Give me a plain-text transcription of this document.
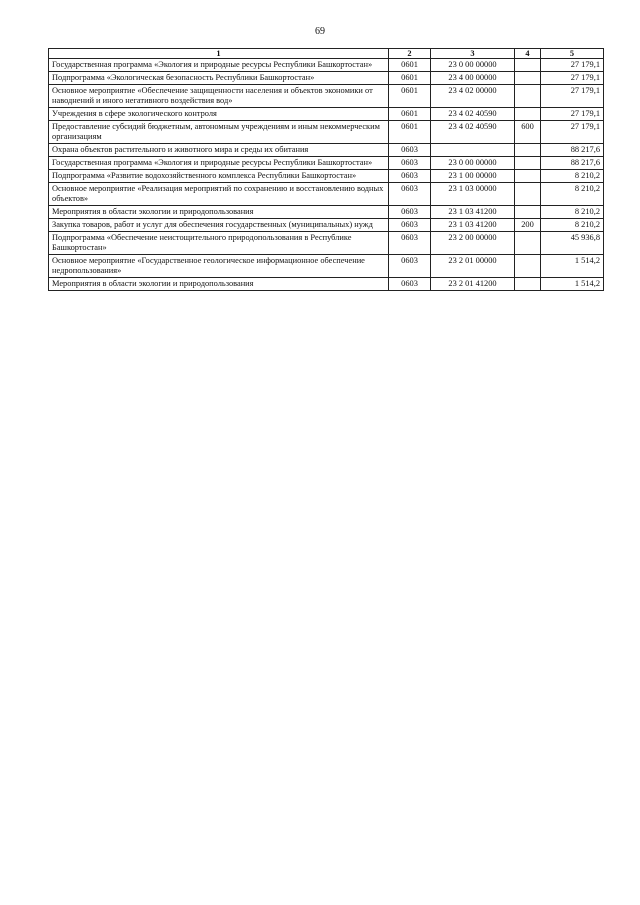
69
1	2	3	4	5
Государственная программа «Экология и природные ресурсы Республики Башкортостан»	0601	23 0 00 00000		27 179,1
Подпрограмма «Экологическая безопасность Республики Башкортостан»	0601	23 4 00 00000		27 179,1
Основное мероприятие «Обеспечение защищенности населения и объектов экономики от наводнений и иного негативного воздействия вод»	0601	23 4 02 00000		27 179,1
Учреждения в сфере экологического контроля	0601	23 4 02 40590		27 179,1
Предоставление субсидий бюджетным, автономным учреждениям и иным некоммерческим организациям	0601	23 4 02 40590	600	27 179,1
Охрана объектов растительного и животного мира и среды их обитания	0603			88 217,6
Государственная программа «Экология и природные ресурсы Республики Башкортостан»	0603	23 0 00 00000		88 217,6
Подпрограмма «Развитие водохозяйственного комплекса Республики Башкортостан»	0603	23 1 00 00000		8 210,2
Основное мероприятие «Реализация мероприятий по сохранению и восстановлению водных объектов»	0603	23 1 03 00000		8 210,2
Мероприятия в области экологии и природопользования	0603	23 1 03 41200		8 210,2
Закупка товаров, работ и услуг для обеспечения государственных (муниципальных) нужд	0603	23 1 03 41200	200	8 210,2
Подпрограмма «Обеспечение неистощительного природопользования в Республике Башкортостан»	0603	23 2 00 00000		45 936,8
Основное мероприятие «Государственное геологическое информационное обеспечение недропользования»	0603	23 2 01 00000		1 514,2
Мероприятия в области экологии и природопользования	0603	23 2 01 41200		1 514,2
